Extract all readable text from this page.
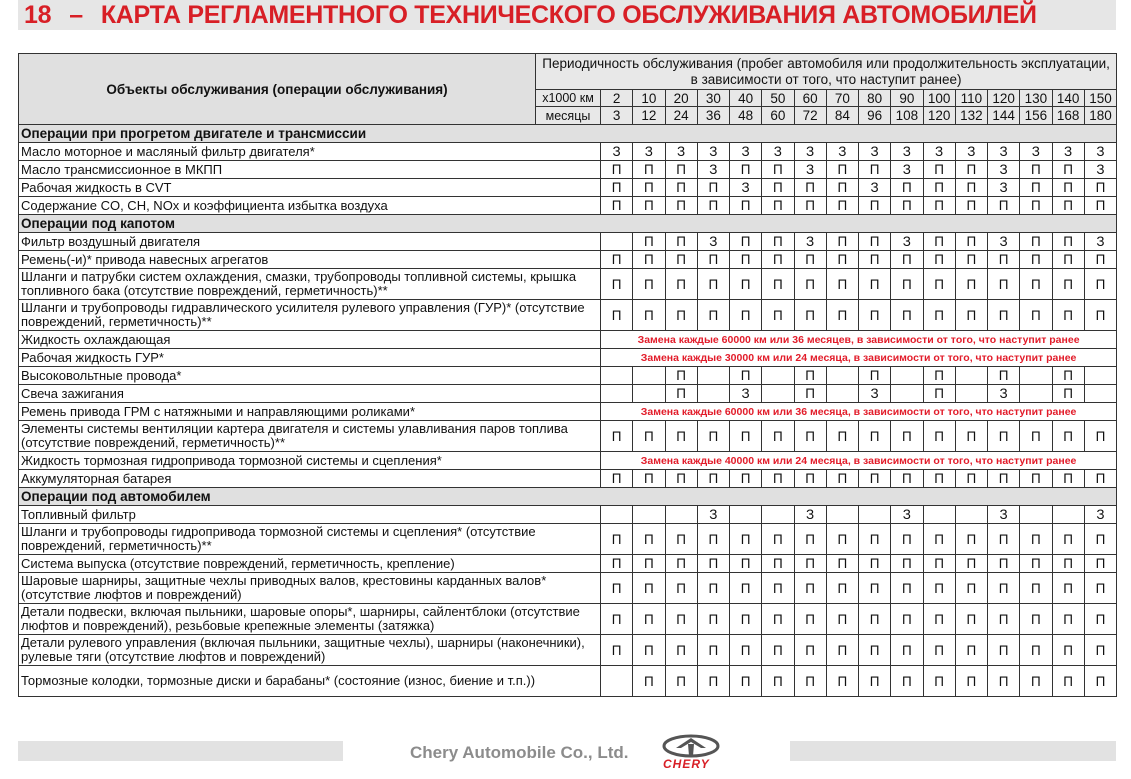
18 – КАРТА РЕГЛАМЕНТНОГО ТЕХНИЧЕСКОГО ОБСЛУЖИВАНИЯ АВТОМОБИЛЕЙ
Объекты обслуживания (операции обслуживания)	Периодичность обслуживания (пробег автомобиля или продолжительность эксплуатации, в зависимости от того, что наступит ранее)																
	х1000 км	2	10	20	30	40	50	60	70	80	90	100	110	120	130	140	150
	месяцы	3	12	24	36	48	60	72	84	96	108	120	132	144	156	168	180
Операции при прогретом двигателе и трансмиссии																	
Масло моторное и масляный фильтр двигателя*		З	З	З	З	З	З	З	З	З	З	З	З	З	З	З	З
Масло трансмиссионное в МКПП		П	П	П	З	П	П	З	П	П	З	П	П	З	П	П	З
Рабочая жидкость в CVT		П	П	П	П	З	П	П	П	З	П	П	П	З	П	П	П
Содержание CO, CH, NOx и коэффициента избытка воздуха		П	П	П	П	П	П	П	П	П	П	П	П	П	П	П	П
Операции под капотом																	
Фильтр воздушный двигателя			П	П	З	П	П	З	П	П	З	П	П	З	П	П	З
Ремень(-и)* привода навесных агрегатов		П	П	П	П	П	П	П	П	П	П	П	П	П	П	П	П
Шланги и патрубки систем охлаждения, смазки, трубопроводы топливной системы, крышка топливного бака (отсутствие повреждений, герметичность)**		П	П	П	П	П	П	П	П	П	П	П	П	П	П	П	П
Шланги и трубопроводы гидравлического усилителя рулевого управления (ГУР)* (отсутствие повреждений, герметичность)**		П	П	П	П	П	П	П	П	П	П	П	П	П	П	П	П
Жидкость охлаждающая		Замена каждые 60000 км или 36 месяцев, в зависимости от того, что наступит ранее															
Рабочая жидкость ГУР*		Замена каждые 30000 км или 24 месяца, в зависимости от того, что наступит ранее															
Высоковольтные провода*				П		П		П		П		П		П		П	
Свеча зажигания				П		З		П		З		П		З		П	
Ремень привода ГРМ с натяжными и направляющими роликами*		Замена каждые 60000 км или 36 месяца, в зависимости от того, что наступит ранее															
Элементы системы вентиляции картера двигателя и системы улавливания паров топлива (отсутствие повреждений, герметичность)**		П	П	П	П	П	П	П	П	П	П	П	П	П	П	П	П
Жидкость тормозная гидропривода тормозной системы и сцепления*		Замена каждые 40000 км или 24 месяца, в зависимости от того, что наступит ранее															
Аккумуляторная батарея		П	П	П	П	П	П	П	П	П	П	П	П	П	П	П	П
Операции под автомобилем																	
Топливный фильтр					З			З			З			З			З
Шланги и трубопроводы гидропривода тормозной системы и сцепления* (отсутствие повреждений, герметичность)**		П	П	П	П	П	П	П	П	П	П	П	П	П	П	П	П
Система выпуска (отсутствие повреждений, герметичность, крепление)		П	П	П	П	П	П	П	П	П	П	П	П	П	П	П	П
Шаровые шарниры, защитные чехлы приводных валов, крестовины карданных валов* (отсутствие люфтов и повреждений)		П	П	П	П	П	П	П	П	П	П	П	П	П	П	П	П
Детали подвески, включая пыльники, шаровые опоры*, шарниры, сайлентблоки (отсутствие люфтов и повреждений), резьбовые крепежные элементы (затяжка)		П	П	П	П	П	П	П	П	П	П	П	П	П	П	П	П
Детали рулевого управления (включая пыльники, защитные чехлы), шарниры (наконечники), рулевые тяги (отсутствие люфтов и повреждений)		П	П	П	П	П	П	П	П	П	П	П	П	П	П	П	П
Тормозные колодки, тормозные диски и барабаны* (состояние (износ, биение и т.п.))			П	П	П	П	П	П	П	П	П	П	П	П	П	П	П
Chery Automobile Co., Ltd.
CHERY
